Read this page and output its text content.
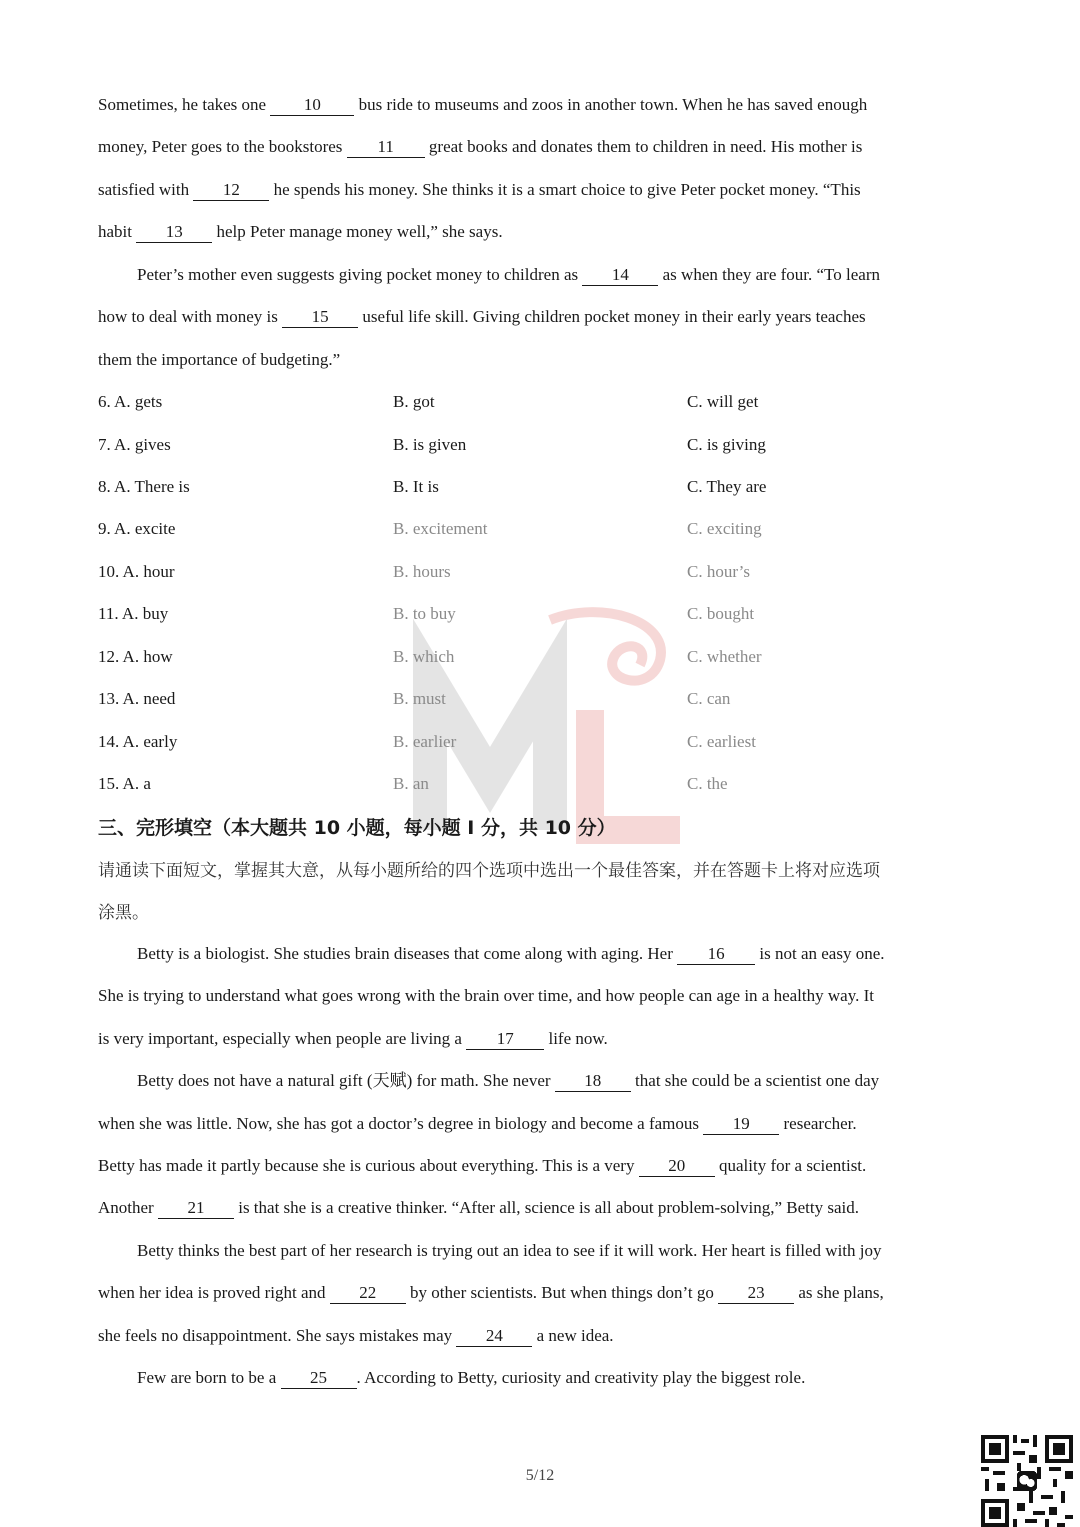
Sometimes, he takes one 10 bus ride to museums and zoos in another town. When he has saved enough
money, Peter goes to the bookstores 11 great books and donates them to children in need. His mother is
satisfied with 12 he spends his money. She thinks it is a smart choice to give Peter pocket money. “This
habit 13 help Peter manage money well,” she says.
Peter’s mother even suggests giving pocket money to children as 14 as when they are four. “To learn
how to deal with money is 15 useful life skill. Giving children pocket money in their early years teaches
them the importance of budgeting.”
6. A. gets	B. got	C. will get
7. A. gives	B. is given	C. is giving
8. A. There is	B. It is	C. They are
9. A. excite	B. excitement	C. exciting
10. A. hour	B. hours	C. hour’s
11. A. buy	B. to buy	C. bought
12. A. how	B. which	C. whether
13. A. need	B. must	C. can
14. A. early	B. earlier	C. earliest
15. A. a	B. an	C. the
三、完形填空（本大题共 10 小题，每小题 I 分，共 10 分）
请通读下面短文，掌握其大意，从每小题所给的四个选项中选出一个最佳答案，并在答题卡上将对应选项
涂黑。
Betty is a biologist. She studies brain diseases that come along with aging. Her 16 is not an easy one.
She is trying to understand what goes wrong with the brain over time, and how people can age in a healthy way. It
is very important, especially when people are living a 17 life now.
Betty does not have a natural gift (天赋) for math. She never 18 that she could be a scientist one day
when she was little. Now, she has got a doctor’s degree in biology and become a famous 19 researcher.
Betty has made it partly because she is curious about everything. This is a very 20 quality for a scientist.
Another 21 is that she is a creative thinker. “After all, science is all about problem-solving,” Betty said.
Betty thinks the best part of her research is trying out an idea to see if it will work. Her heart is filled with joy
when her idea is proved right and 22 by other scientists. But when things don’t go 23 as she plans,
she feels no disappointment. She says mistakes may 24 a new idea.
Few are born to be a 25 . According to Betty, curiosity and creativity play the biggest role.
5/12
